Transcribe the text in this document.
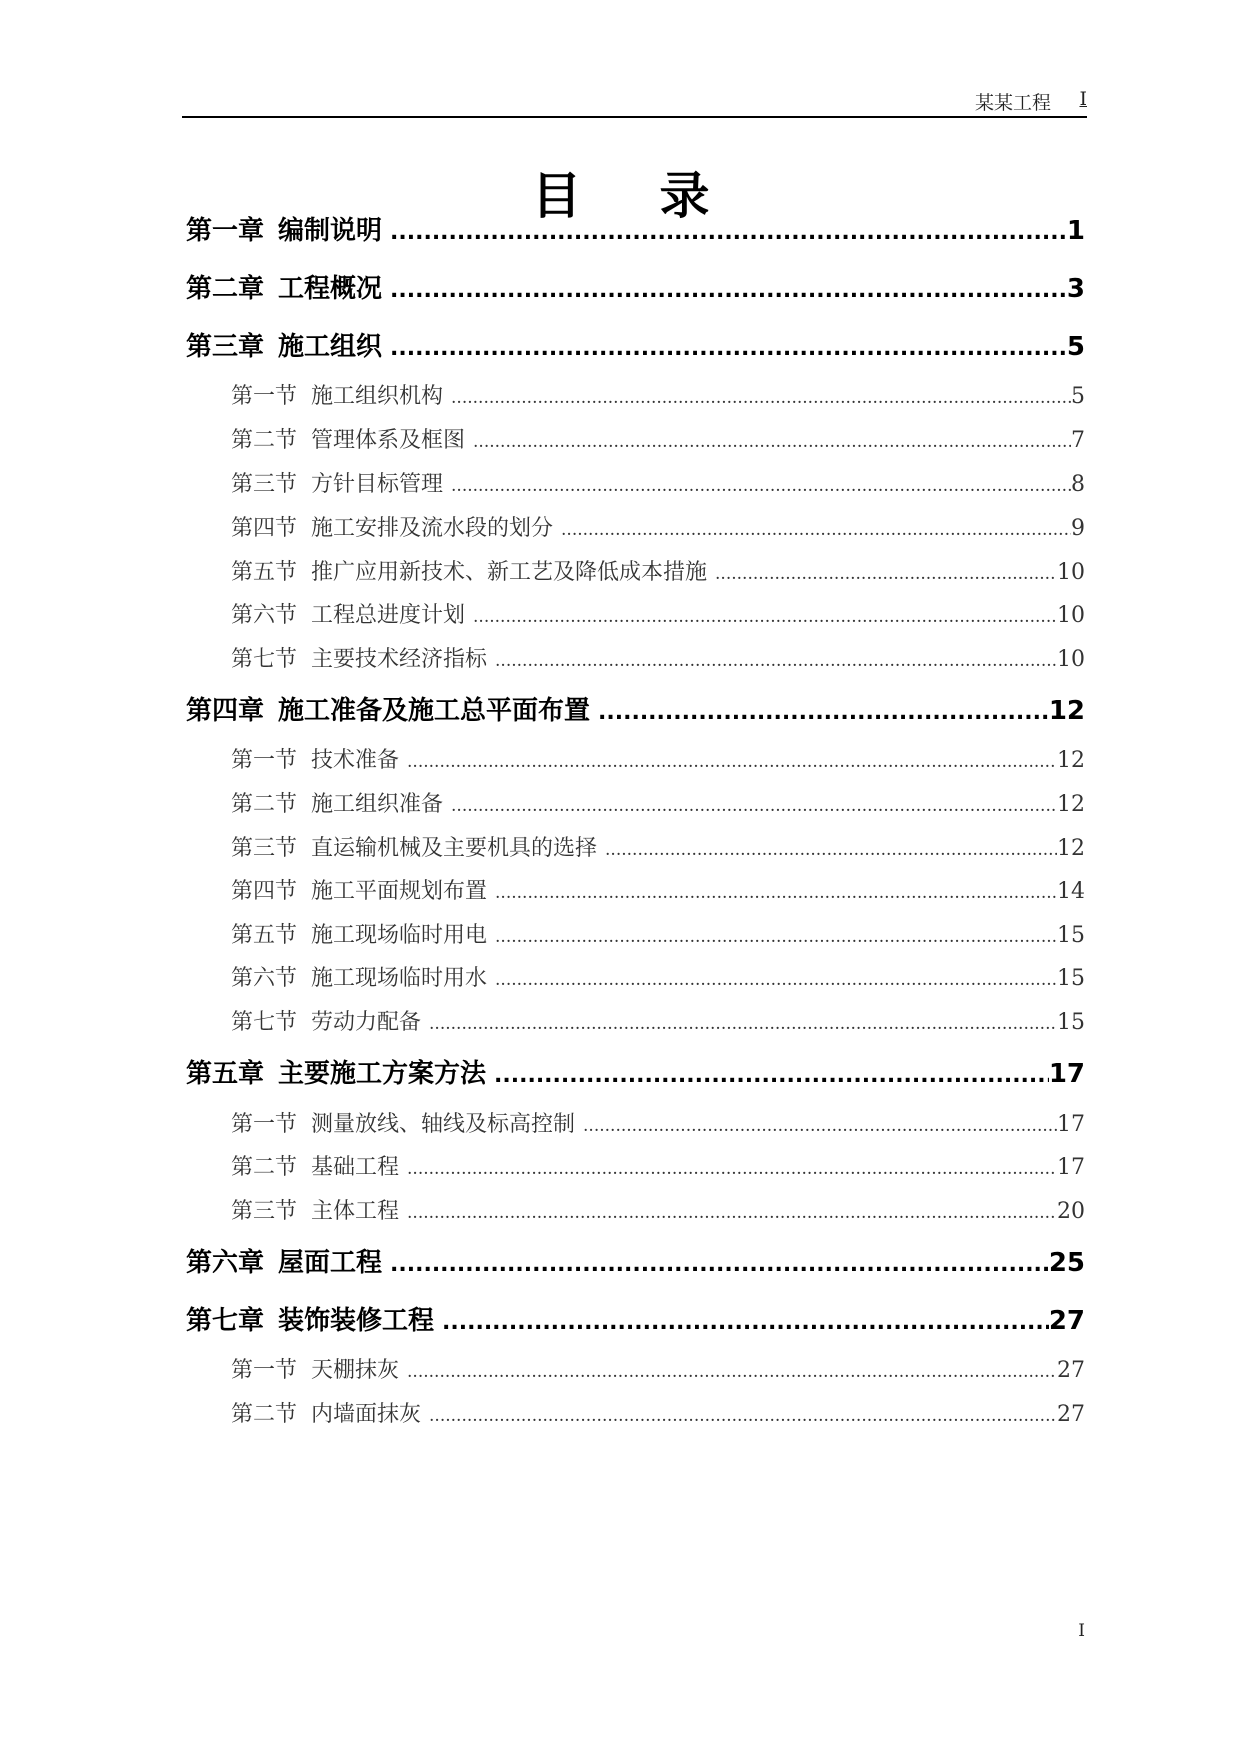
某某工程 I
目录
第一章 编制说明 .....	1
第二章 工程概况 .....	3
第三章 施工组织 .....	5
第一节 施工组织机构 .....	5
第二节 管理体系及框图 .....	7
第三节 方针目标管理 .....	8
第四节 施工安排及流水段的划分 .....	9
第五节 推广应用新技术、新工艺及降低成本措施 .....	10
第六节 工程总进度计划 .....	10
第七节 主要技术经济指标 .....	10
第四章 施工准备及施工总平面布置 .....	12
第一节 技术准备 .....	12
第二节 施工组织准备 .....	12
第三节 直运输机械及主要机具的选择 .....	12
第四节 施工平面规划布置 .....	14
第五节 施工现场临时用电 .....	15
第六节 施工现场临时用水 .....	15
第七节 劳动力配备 .....	15
第五章 主要施工方案方法 .....	17
第一节 测量放线、轴线及标高控制 .....	17
第二节 基础工程 .....	17
第三节 主体工程 .....	20
第六章 屋面工程 .....	25
第七章 装饰装修工程 .....	27
第一节 天棚抹灰 .....	27
第二节 内墙面抹灰 .....	27
I
